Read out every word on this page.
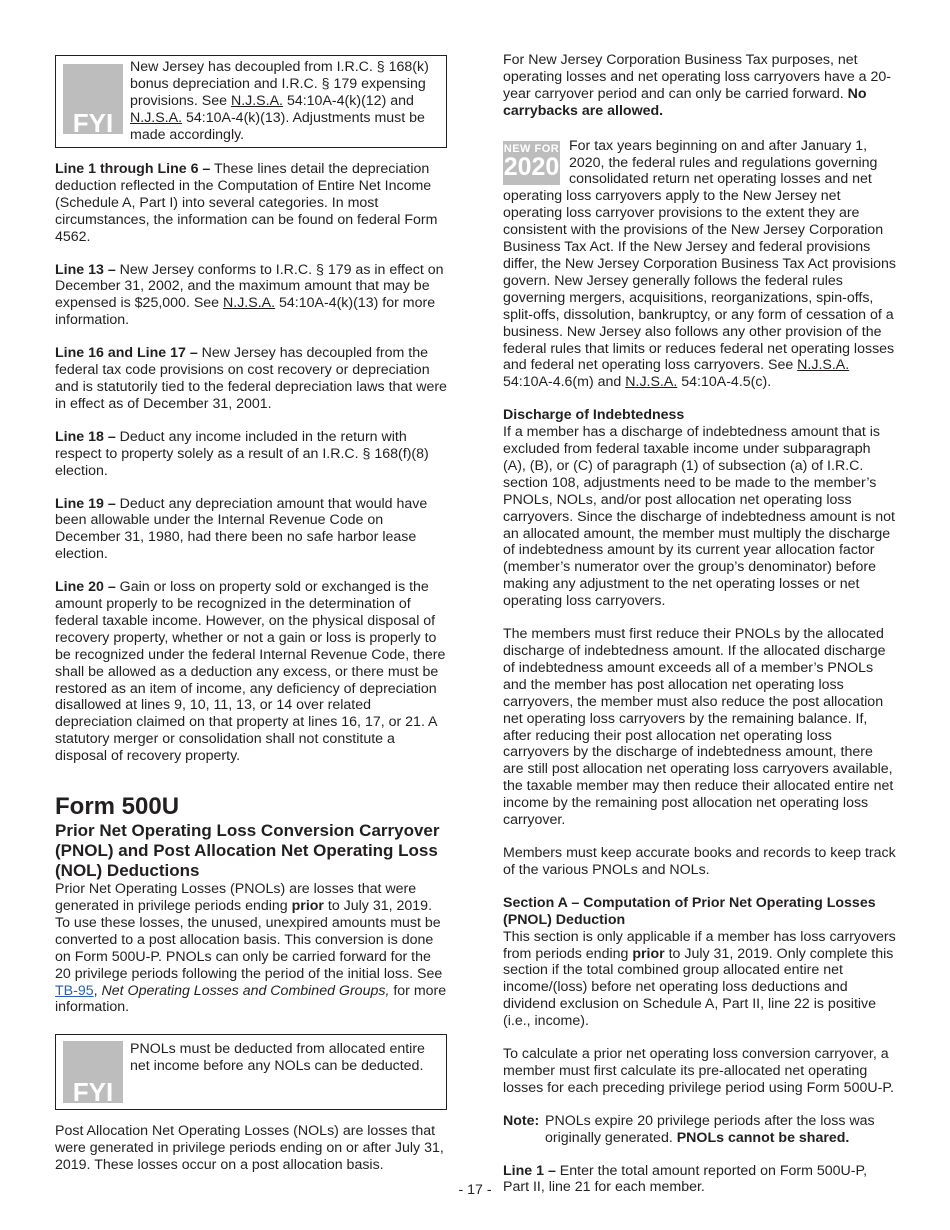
FYI
New Jersey has decoupled from I.R.C. § 168(k) bonus depreciation and I.R.C. § 179 expensing provisions. See N.J.S.A. 54:10A-4(k)(12) and N.J.S.A. 54:10A-4(k)(13). Adjustments must be made accordingly.
Line 1 through Line 6 – These lines detail the depreciation deduction reflected in the Computation of Entire Net Income (Schedule A, Part I) into several categories. In most circumstances, the information can be found on federal Form 4562.
Line 13 – New Jersey conforms to I.R.C. § 179 as in effect on December 31, 2002, and the maximum amount that may be expensed is $25,000. See N.J.S.A. 54:10A-4(k)(13) for more information.
Line 16 and Line 17 – New Jersey has decoupled from the federal tax code provisions on cost recovery or depreciation and is statutorily tied to the federal depreciation laws that were in effect as of December 31, 2001.
Line 18 – Deduct any income included in the return with respect to property solely as a result of an I.R.C. § 168(f)(8) election.
Line 19 – Deduct any depreciation amount that would have been allowable under the Internal Revenue Code on December 31, 1980, had there been no safe harbor lease election.
Line 20 – Gain or loss on property sold or exchanged is the amount properly to be recognized in the determination of federal taxable income. However, on the physical disposal of recovery property, whether or not a gain or loss is properly to be recognized under the federal Internal Revenue Code, there shall be allowed as a deduction any excess, or there must be restored as an item of income, any deficiency of depreciation disallowed at lines 9, 10, 11, 13, or 14 over related depreciation claimed on that property at lines 16, 17, or 21. A statutory merger or consolidation shall not constitute a disposal of recovery property.
Form 500U
Prior Net Operating Loss Conversion Carryover (PNOL) and Post Allocation Net Operating Loss (NOL) Deductions
Prior Net Operating Losses (PNOLs) are losses that were generated in privilege periods ending prior to July 31, 2019. To use these losses, the unused, unexpired amounts must be converted to a post allocation basis. This conversion is done on Form 500U-P. PNOLs can only be carried forward for the 20 privilege periods following the period of the initial loss. See TB-95, Net Operating Losses and Combined Groups, for more information.
FYI
PNOLs must be deducted from allocated entire net income before any NOLs can be deducted.
Post Allocation Net Operating Losses (NOLs) are losses that were generated in privilege periods ending on or after July 31, 2019. These losses occur on a post allocation basis.
For New Jersey Corporation Business Tax purposes, net operating losses and net operating loss carryovers have a 20-year carryover period and can only be carried forward. No carrybacks are allowed.
NEW FOR
2020
For tax years beginning on and after January 1, 2020, the federal rules and regulations governing consolidated return net operating losses and net operating loss carryovers apply to the New Jersey net operating loss carryover provisions to the extent they are consistent with the provisions of the New Jersey Corporation Business Tax Act. If the New Jersey and federal provisions differ, the New Jersey Corporation Business Tax Act provisions govern. New Jersey generally follows the federal rules governing mergers, acquisitions, reorganizations, spin-offs, split-offs, dissolution, bankruptcy, or any form of cessation of a business. New Jersey also follows any other provision of the federal rules that limits or reduces federal net operating losses and federal net operating loss carryovers. See N.J.S.A. 54:10A-4.6(m) and N.J.S.A. 54:10A-4.5(c).
Discharge of Indebtedness
If a member has a discharge of indebtedness amount that is excluded from federal taxable income under subparagraph (A), (B), or (C) of paragraph (1) of subsection (a) of I.R.C. section 108, adjustments need to be made to the member’s PNOLs, NOLs, and/or post allocation net operating loss carryovers. Since the discharge of indebtedness amount is not an allocated amount, the member must multiply the discharge of indebtedness amount by its current year allocation factor (member’s numerator over the group’s denominator) before making any adjustment to the net operating losses or net operating loss carryovers.
The members must first reduce their PNOLs by the allocated discharge of indebtedness amount. If the allocated discharge of indebtedness amount exceeds all of a member’s PNOLs and the member has post allocation net operating loss carryovers, the member must also reduce the post allocation net operating loss carryovers by the remaining balance. If, after reducing their post allocation net operating loss carryovers by the discharge of indebtedness amount, there are still post allocation net operating loss carryovers available, the taxable member may then reduce their allocated entire net income by the remaining post allocation net operating loss carryover.
Members must keep accurate books and records to keep track of the various PNOLs and NOLs.
Section A – Computation of Prior Net Operating Losses (PNOL) Deduction
This section is only applicable if a member has loss carryovers from periods ending prior to July 31, 2019. Only complete this section if the total combined group allocated entire net income/(loss) before net operating loss deductions and dividend exclusion on Schedule A, Part II, line 22 is positive (i.e., income).
To calculate a prior net operating loss conversion carryover, a member must first calculate its pre-allocated net operating losses for each preceding privilege period using Form 500U-P.
Note: PNOLs expire 20 privilege periods after the loss was originally generated. PNOLs cannot be shared.
Line 1 – Enter the total amount reported on Form 500U-P, Part II, line 21 for each member.
- 17 -
